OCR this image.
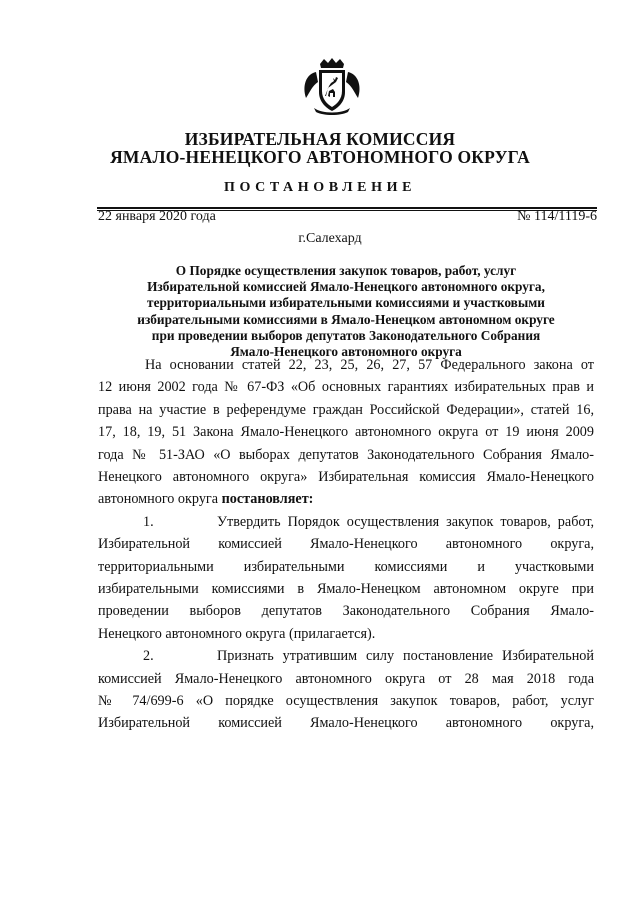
ИЗБИРАТЕЛЬНАЯ КОМИССИЯ
ЯМАЛО-НЕНЕЦКОГО АВТОНОМНОГО ОКРУГА
ПОСТАНОВЛЕНИЕ
22 января 2020 года	№ 114/1119-6
г.Салехард
О Порядке осуществления закупок товаров, работ, услуг
Избирательной комиссией Ямало-Ненецкого автономного округа,
территориальными избирательными комиссиями и участковыми
избирательными комиссиями в Ямало-Ненецком автономном округе
при проведении выборов депутатов Законодательного Собрания
Ямало-Ненецкого автономного округа
На основании статей 22, 23, 25, 26, 27, 57 Федерального закона от
12 июня 2002 года № 67-ФЗ «Об основных гарантиях избирательных прав и
права на участие в референдуме граждан Российской Федерации», статей 16,
17, 18, 19, 51 Закона Ямало-Ненецкого автономного округа от 19 июня 2009
года № 51-ЗАО «О выборах депутатов Законодательного Собрания Ямало-
Ненецкого автономного округа» Избирательная комиссия Ямало-Ненецкого
автономного округа постановляет:
1.	Утвердить Порядок осуществления закупок товаров, работ,
Избирательной комиссией Ямало-Ненецкого автономного округа,
территориальными избирательными комиссиями и участковыми
избирательными комиссиями в Ямало-Ненецком автономном округе при
проведении выборов депутатов Законодательного Собрания Ямало-
Ненецкого автономного округа (прилагается).
2.	Признать утратившим силу постановление Избирательной
комиссией Ямало-Ненецкого автономного округа от 28 мая 2018 года
№ 74/699-6 «О порядке осуществления закупок товаров, работ, услуг
Избирательной комиссией Ямало-Ненецкого автономного округа,
